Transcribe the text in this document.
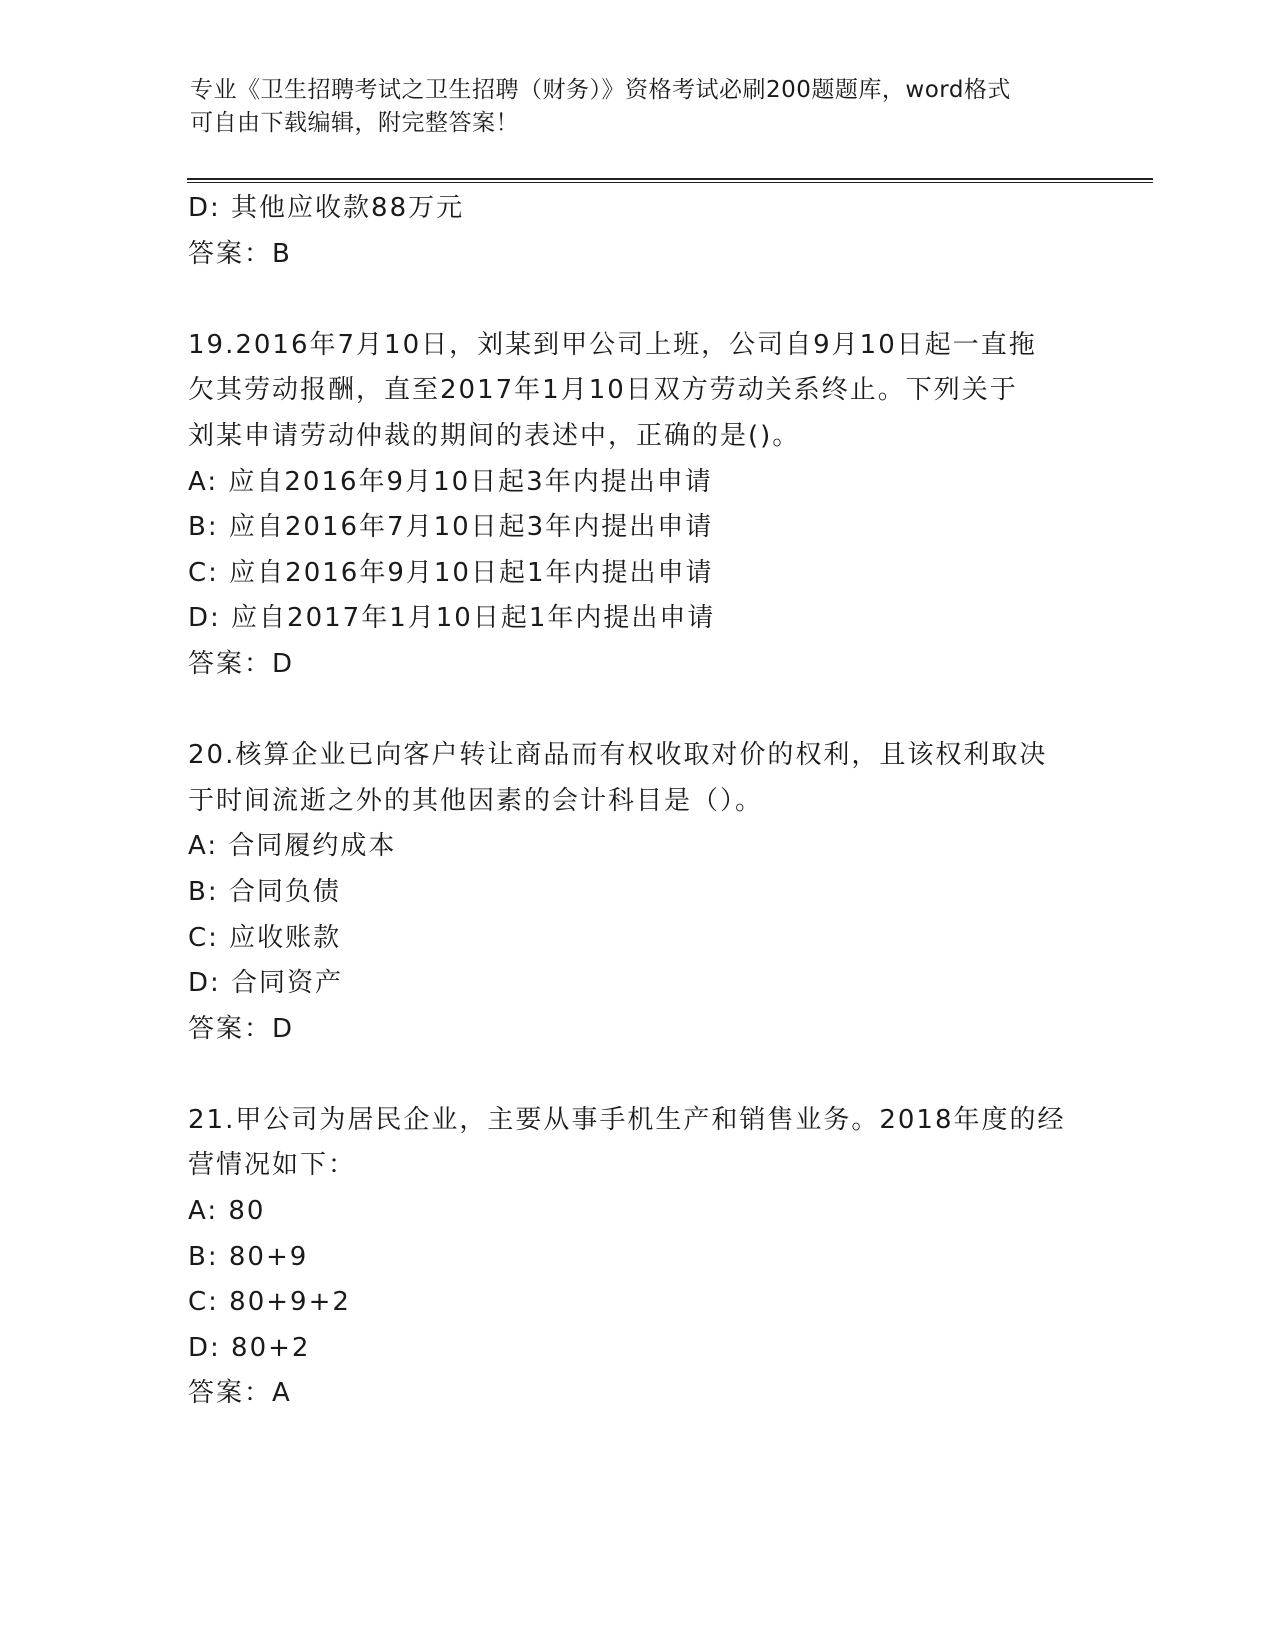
专业《卫生招聘考试之卫生招聘（财务）》资格考试必刷200题题库，word格式
可自由下载编辑，附完整答案！
D: 其他应收款88万元
答案：B
19.2016年7月10日，刘某到甲公司上班，公司自9月10日起一直拖
欠其劳动报酬，直至2017年1月10日双方劳动关系终止。下列关于
刘某申请劳动仲裁的期间的表述中，正确的是()。
A: 应自2016年9月10日起3年内提出申请
B: 应自2016年7月10日起3年内提出申请
C: 应自2016年9月10日起1年内提出申请
D: 应自2017年1月10日起1年内提出申请
答案：D
20.核算企业已向客户转让商品而有权收取对价的权利，且该权利取决
于时间流逝之外的其他因素的会计科目是（）。
A: 合同履约成本
B: 合同负债
C: 应收账款
D: 合同资产
答案：D
21.甲公司为居民企业，主要从事手机生产和销售业务。2018年度的经
营情况如下：
A: 80
B: 80+9
C: 80+9+2
D: 80+2
答案：A
